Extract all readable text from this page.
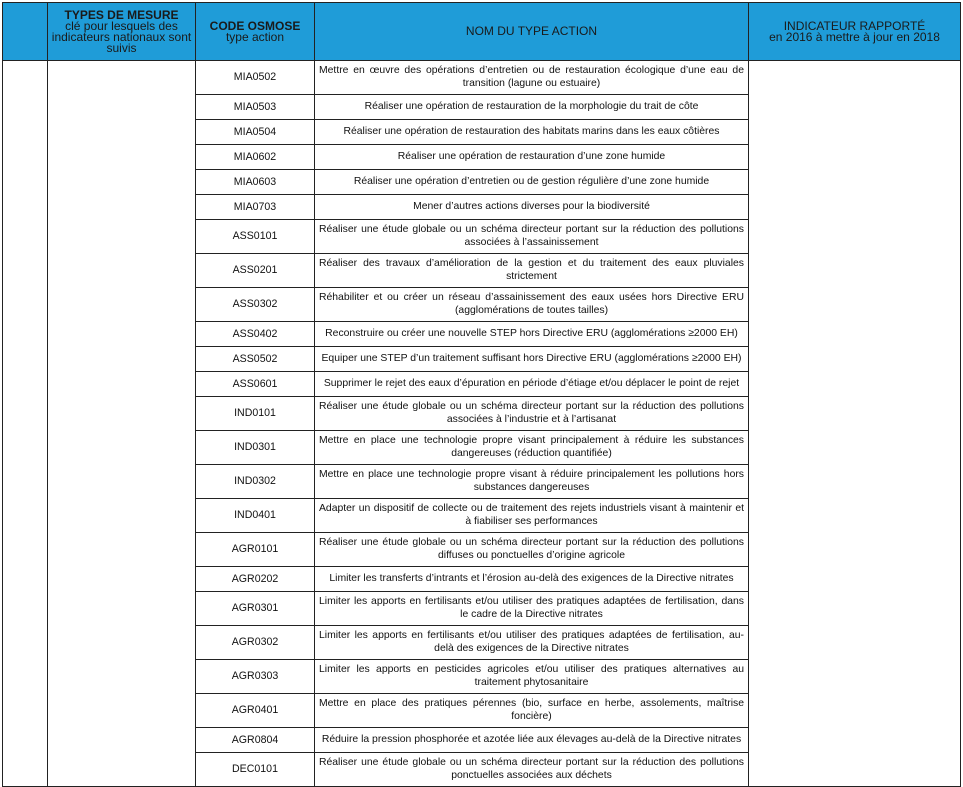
	TYPES DE MESURE
clé pour lesquels des indicateurs nationaux sont suivis	CODE OSMOSE
type action	NOM DU TYPE ACTION	INDICATEUR RAPPORTÉ
en 2016 à mettre à jour en 2018

		MIA0502	Mettre en œuvre des opérations d’entretien ou de restauration écologique d’une eau de transition (lagune ou estuaire)	

		MIA0503	Réaliser une opération de restauration de la morphologie du trait de côte	

		MIA0504	Réaliser une opération de restauration des habitats marins dans les eaux côtières	

		MIA0602	Réaliser une opération de restauration d’une zone humide	

		MIA0603	Réaliser une opération d’entretien ou de gestion régulière d’une zone humide	

		MIA0703	Mener d’autres actions diverses pour la biodiversité	

		ASS0101	Réaliser une étude globale ou un schéma directeur portant sur la réduction des pollutions associées à l’assainissement	

		ASS0201	Réaliser des travaux d’amélioration de la gestion et du traitement des eaux pluviales strictement	

		ASS0302	Réhabiliter et ou créer un réseau d’assainissement des eaux usées hors Directive ERU (agglomérations de toutes tailles)	

		ASS0402	Reconstruire ou créer une nouvelle STEP hors Directive ERU (agglomérations ≥2000 EH)	

		ASS0502	Equiper une STEP d’un traitement suffisant hors Directive ERU (agglomérations ≥2000 EH)	

		ASS0601	Supprimer le rejet des eaux d’épuration en période d’étiage et/ou déplacer le point de rejet	

		IND0101	Réaliser une étude globale ou un schéma directeur portant sur la réduction des pollutions associées à l’industrie et à l’artisanat	

		IND0301	Mettre en place une technologie propre visant principalement à réduire les substances dangereuses (réduction quantifiée)	

		IND0302	Mettre en place une technologie propre visant à réduire principalement les pollutions hors substances dangereuses	

		IND0401	Adapter un dispositif de collecte ou de traitement des rejets industriels visant à maintenir et à fiabiliser ses performances	

		AGR0101	Réaliser une étude globale ou un schéma directeur portant sur la réduction des pollutions diffuses ou ponctuelles d’origine agricole	

		AGR0202	Limiter les transferts d’intrants et l’érosion au-delà des exigences de la Directive nitrates	

		AGR0301	Limiter les apports en fertilisants et/ou utiliser des pratiques adaptées de fertilisation, dans le cadre de la Directive nitrates	

		AGR0302	Limiter les apports en fertilisants et/ou utiliser des pratiques adaptées de fertilisation, au-delà des exigences de la Directive nitrates	

		AGR0303	Limiter les apports en pesticides agricoles et/ou utiliser des pratiques alternatives au traitement phytosanitaire	

		AGR0401	Mettre en place des pratiques pérennes (bio, surface en herbe, assolements, maîtrise foncière)	

		AGR0804	Réduire la pression phosphorée et azotée liée aux élevages au-delà de la Directive nitrates	

		DEC0101	Réaliser une étude globale ou un schéma directeur portant sur la réduction des pollutions ponctuelles associées aux déchets	
